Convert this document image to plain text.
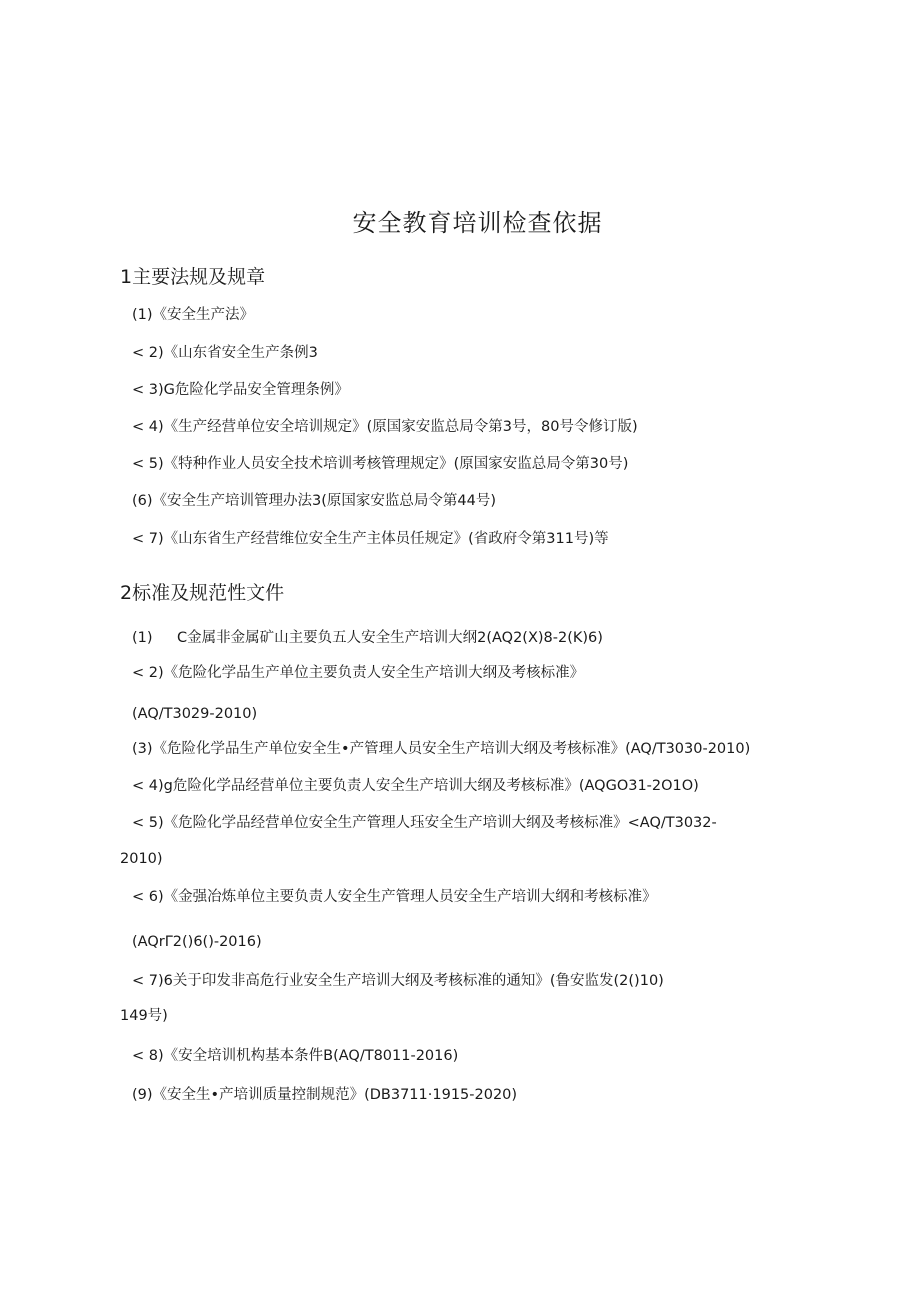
安全教育培训检查依据
1主要法规及规章
(1)《安全生产法》
< 2)《山东省安全生产条例3
< 3)G危险化学品安全管理条例》
< 4)《生产经营单位安全培训规定》(原国家安监总局令第3号，80号令修订版)
< 5)《特种作业人员安全技术培训考核管理规定》(原国家安监总局令第30号)
(6)《安全生产培训管理办法3(原国家安监总局令第44号)
< 7)《山东省生产经营维位安全生产主体员任规定》(省政府令第311号)等
2标准及规范性文件
(1) C金属非金属矿山主要负五人安全生产培训大纲2(AQ2(X)8-2(K)6)
< 2)《危险化学品生产单位主要负责人安全生产培训大纲及考核标准》
(AQ/T3029-2010)
(3)《危险化学品生产单位安全生•产管理人员安全生产培训大纲及考核标准》(AQ/T3030-2010)
< 4)g危险化学品经营单位主要负责人安全生产培训大纲及考核标准》(AQGO31-2O1O)
< 5)《危险化学品经营单位安全生产管理人珏安全生产培训大纲及考核标准》<AQ/T3032-
2010)
< 6)《金强冶炼单位主要负责人安全生产管理人员安全生产培训大纲和考核标准》
(AQrΓ2()6()-2016)
< 7)6关于印发非高危行业安全生产培训大纲及考核标准的通知》(鲁安监发(2()10)
149号)
< 8)《安全培训机构基本条件B(AQ/T8011-2016)
(9)《安全生•产培训质量控制规范》(DB3711·1915-2020)
